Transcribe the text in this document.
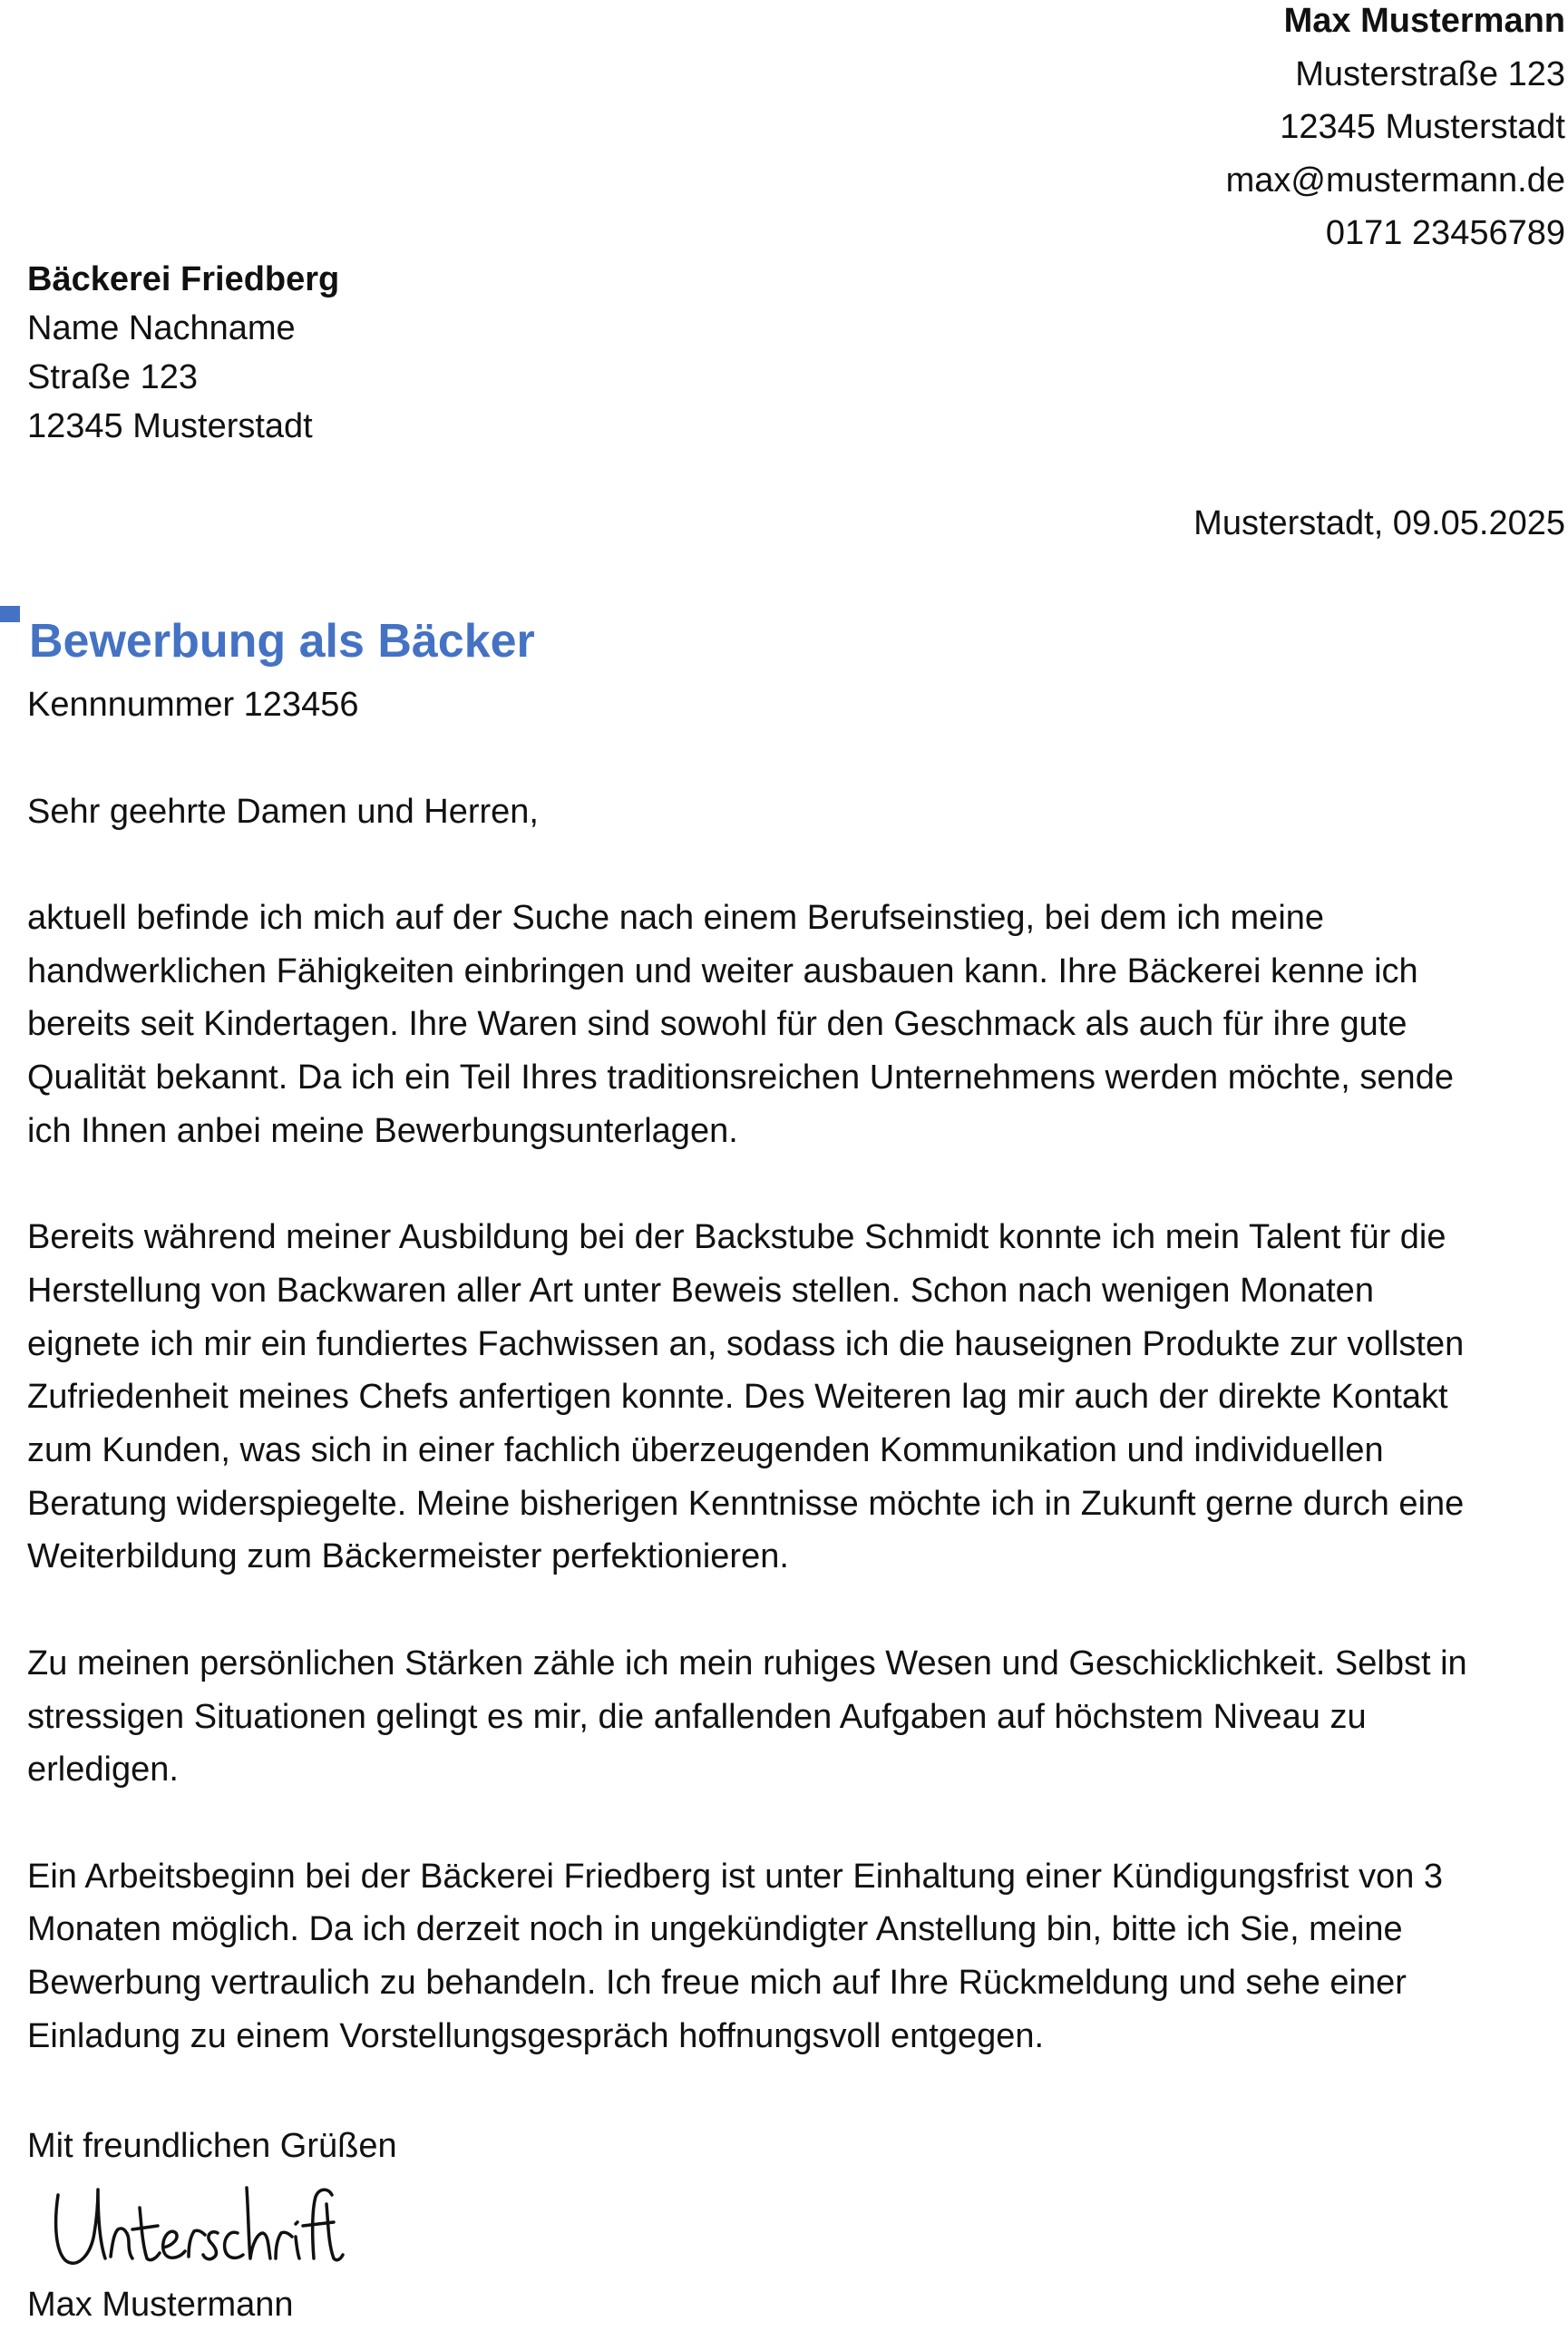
Max Mustermann
Musterstraße 123
12345 Musterstadt
max@mustermann.de
0171 23456789
Bäckerei Friedberg
Name Nachname
Straße 123
12345 Musterstadt
Musterstadt, 09.05.2025
Bewerbung als Bäcker
Kennnummer 123456
Sehr geehrte Damen und Herren,

aktuell befinde ich mich auf der Suche nach einem Berufseinstieg, bei dem ich meine
handwerklichen Fähigkeiten einbringen und weiter ausbauen kann. Ihre Bäckerei kenne ich
bereits seit Kindertagen. Ihre Waren sind sowohl für den Geschmack als auch für ihre gute
Qualität bekannt. Da ich ein Teil Ihres traditionsreichen Unternehmens werden möchte, sende
ich Ihnen anbei meine Bewerbungsunterlagen.

Bereits während meiner Ausbildung bei der Backstube Schmidt konnte ich mein Talent für die
Herstellung von Backwaren aller Art unter Beweis stellen. Schon nach wenigen Monaten
eignete ich mir ein fundiertes Fachwissen an, sodass ich die hauseignen Produkte zur vollsten
Zufriedenheit meines Chefs anfertigen konnte. Des Weiteren lag mir auch der direkte Kontakt
zum Kunden, was sich in einer fachlich überzeugenden Kommunikation und individuellen
Beratung widerspiegelte. Meine bisherigen Kenntnisse möchte ich in Zukunft gerne durch eine
Weiterbildung zum Bäckermeister perfektionieren.

Zu meinen persönlichen Stärken zähle ich mein ruhiges Wesen und Geschicklichkeit. Selbst in
stressigen Situationen gelingt es mir, die anfallenden Aufgaben auf höchstem Niveau zu
erledigen.

Ein Arbeitsbeginn bei der Bäckerei Friedberg ist unter Einhaltung einer Kündigungsfrist von 3
Monaten möglich. Da ich derzeit noch in ungekündigter Anstellung bin, bitte ich Sie, meine
Bewerbung vertraulich zu behandeln. Ich freue mich auf Ihre Rückmeldung und sehe einer
Einladung zu einem Vorstellungsgespräch hoffnungsvoll entgegen.

Mit freundlichen Grüßen
Max Mustermann
